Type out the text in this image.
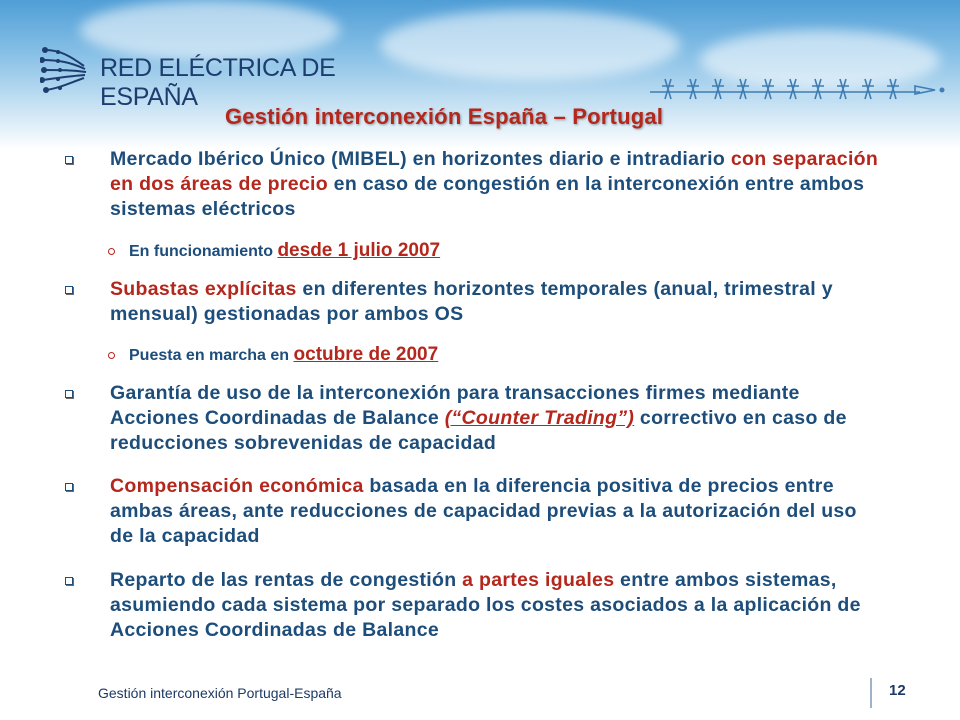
RED ELÉCTRICA DE
ESPAÑA
Gestión interconexión España – Portugal
Mercado Ibérico Único (MIBEL) en horizontes diario e intradiario con separación en dos áreas de precio en caso de congestión en la interconexión entre ambos sistemas eléctricos
En funcionamiento desde 1 julio 2007
Subastas explícitas en diferentes horizontes temporales (anual, trimestral y mensual) gestionadas por ambos OS
Puesta en marcha en octubre de 2007
Garantía de uso de la interconexión para transacciones firmes mediante Acciones Coordinadas de Balance (“Counter Trading”) correctivo en caso de reducciones sobrevenidas de capacidad
Compensación económica basada en la diferencia positiva de precios entre ambas áreas, ante reducciones de capacidad previas a la autorización del uso de la capacidad
Reparto de las rentas de congestión a partes iguales entre ambos sistemas, asumiendo cada sistema por separado los costes asociados a la aplicación de Acciones Coordinadas de Balance
Gestión interconexión Portugal-España	12
